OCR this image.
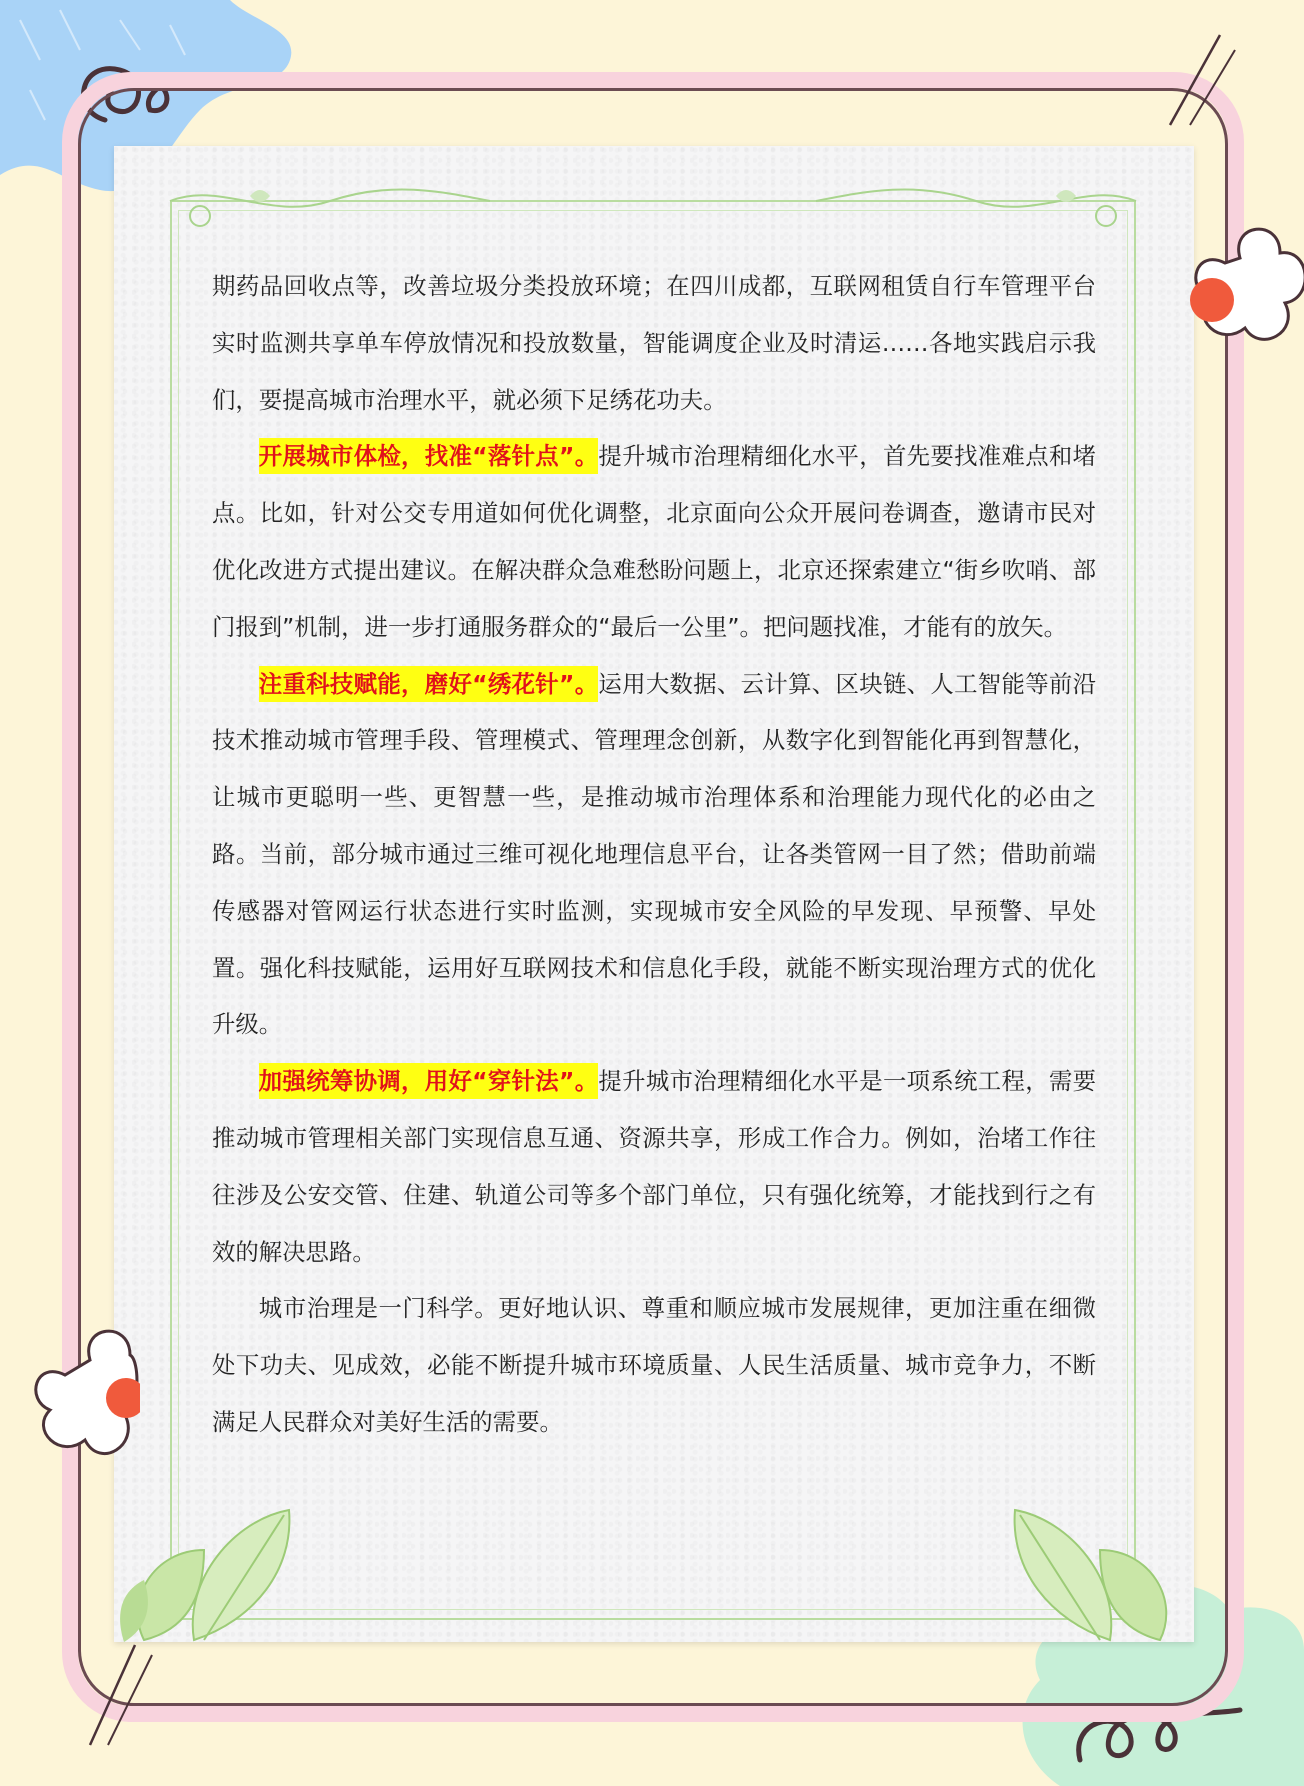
期药品回收点等，改善垃圾分类投放环境；在四川成都，互联网租赁自行车管理平台实时监测共享单车停放情况和投放数量，智能调度企业及时清运……各地实践启示我们，要提高城市治理水平，就必须下足绣花功夫。

开展城市体检，找准“落针点”。提升城市治理精细化水平，首先要找准难点和堵点。比如，针对公交专用道如何优化调整，北京面向公众开展问卷调查，邀请市民对优化改进方式提出建议。在解决群众急难愁盼问题上，北京还探索建立“街乡吹哨、部门报到”机制，进一步打通服务群众的“最后一公里”。把问题找准，才能有的放矢。

注重科技赋能，磨好“绣花针”。运用大数据、云计算、区块链、人工智能等前沿技术推动城市管理手段、管理模式、管理理念创新，从数字化到智能化再到智慧化，让城市更聪明一些、更智慧一些，是推动城市治理体系和治理能力现代化的必由之路。当前，部分城市通过三维可视化地理信息平台，让各类管网一目了然；借助前端传感器对管网运行状态进行实时监测，实现城市安全风险的早发现、早预警、早处置。强化科技赋能，运用好互联网技术和信息化手段，就能不断实现治理方式的优化升级。

加强统筹协调，用好“穿针法”。提升城市治理精细化水平是一项系统工程，需要推动城市管理相关部门实现信息互通、资源共享，形成工作合力。例如，治堵工作往往涉及公安交管、住建、轨道公司等多个部门单位，只有强化统筹，才能找到行之有效的解决思路。

城市治理是一门科学。更好地认识、尊重和顺应城市发展规律，更加注重在细微处下功夫、见成效，必能不断提升城市环境质量、人民生活质量、城市竞争力，不断满足人民群众对美好生活的需要。
